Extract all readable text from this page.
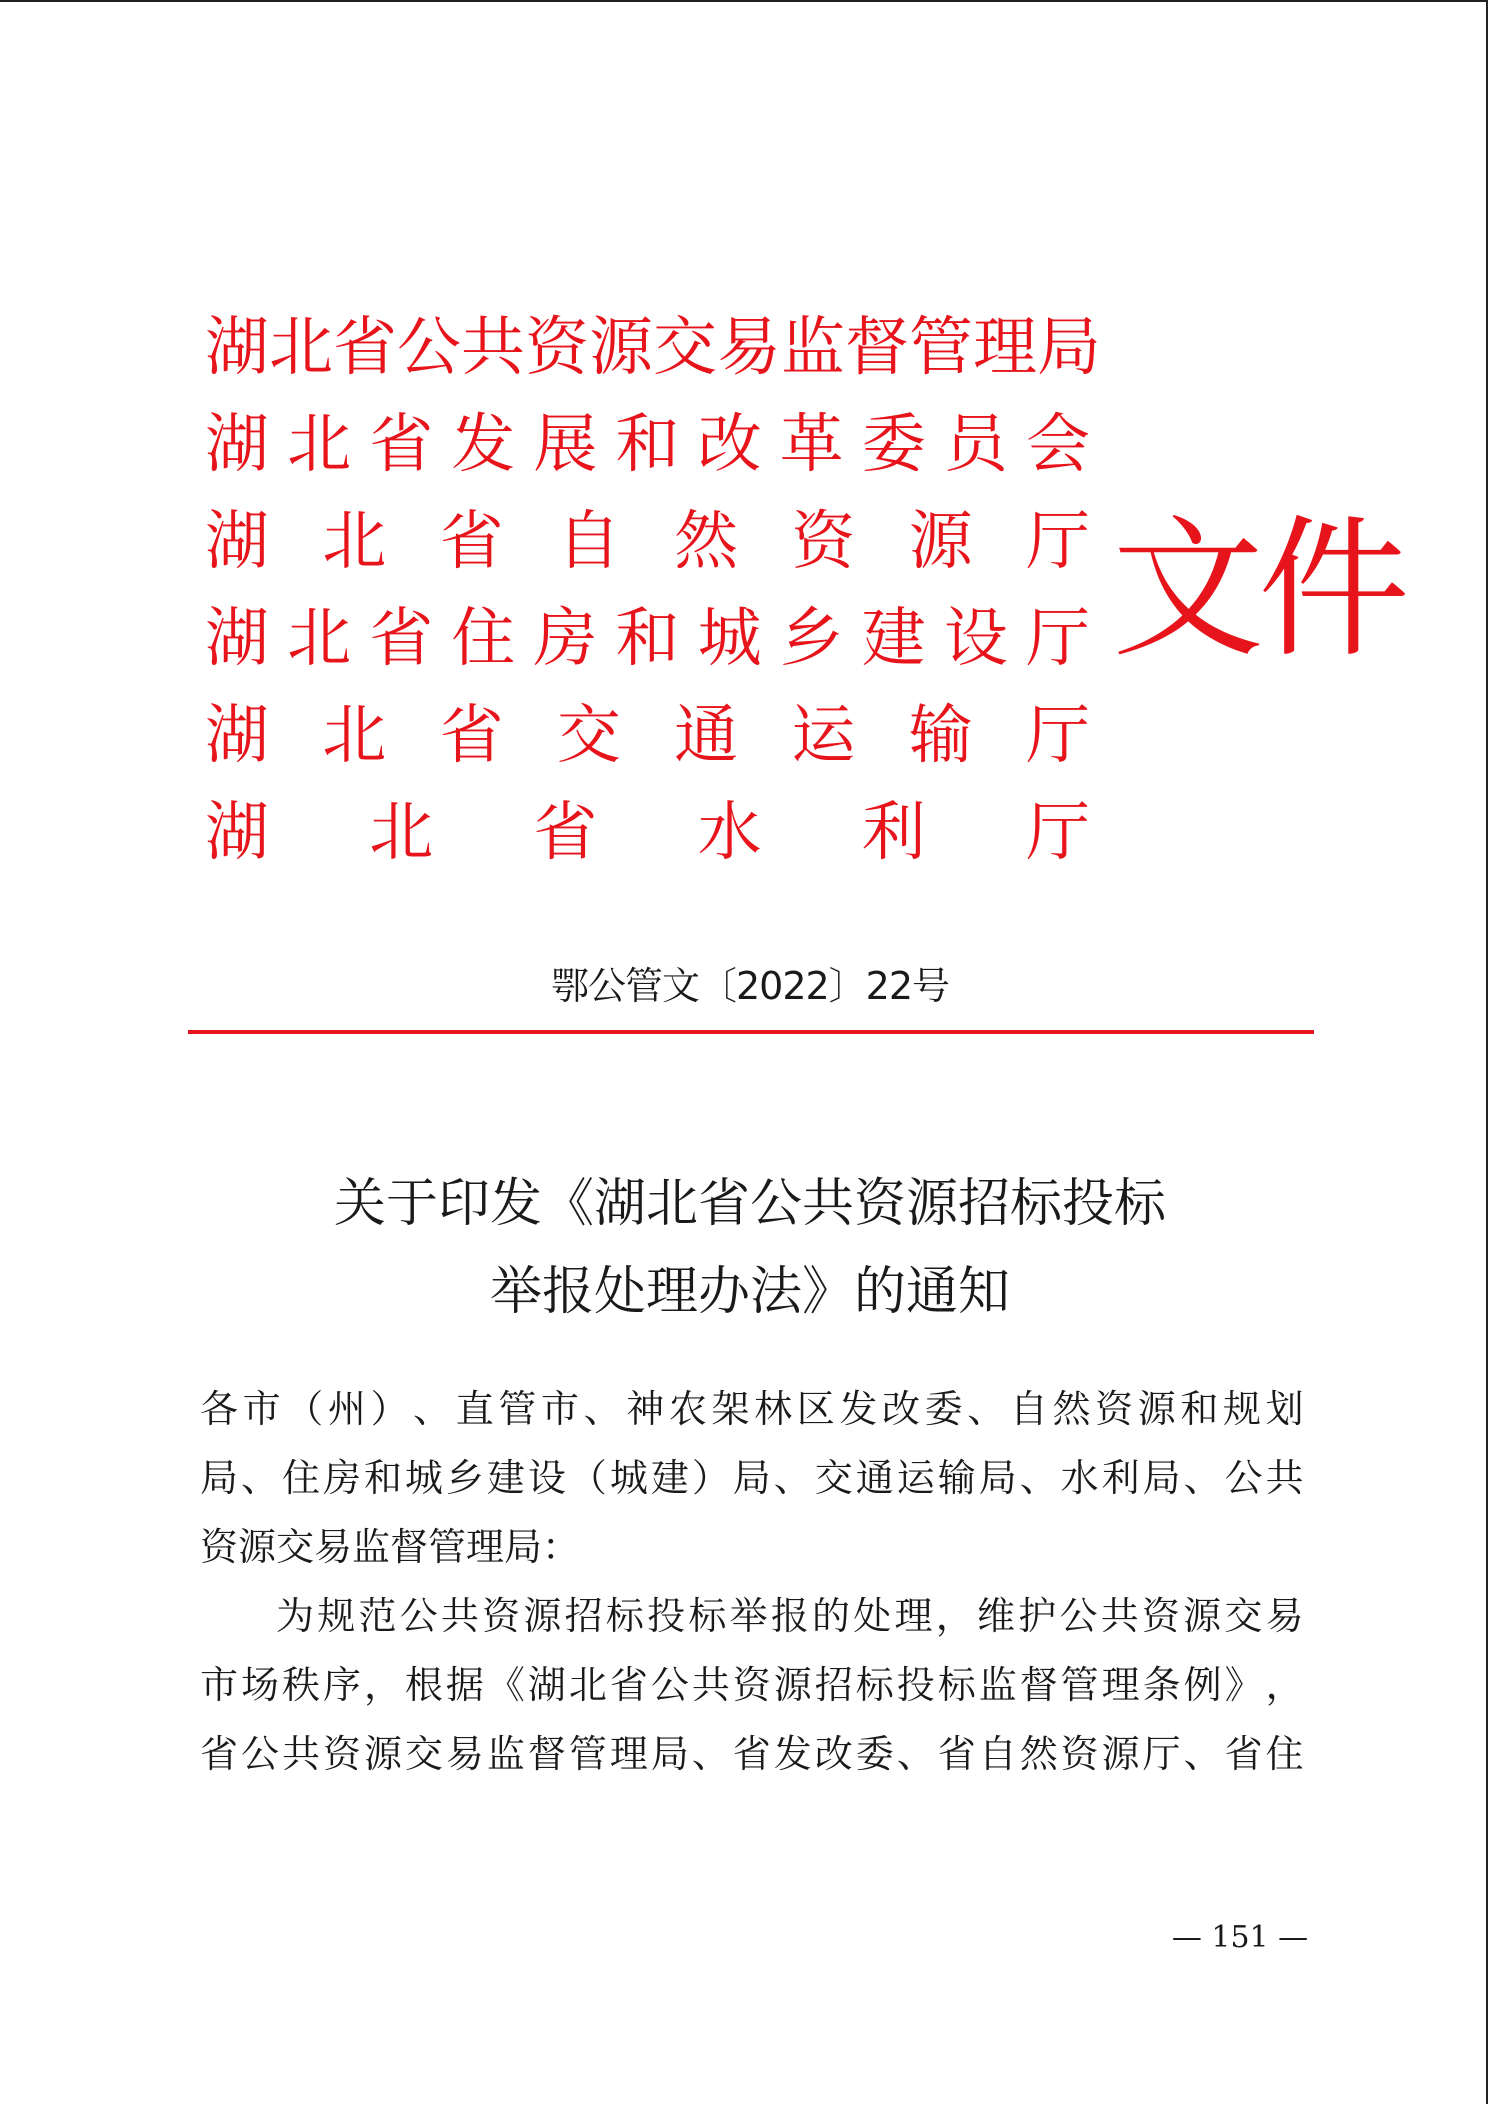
湖 北 省 公 共 资 源 交 易 监 督 管 理 局
湖 北 省 发 展 和 改 革 委 员 会
湖 北 省 自 然 资 源 厅
湖 北 省 住 房 和 城 乡 建 设 厅
湖 北 省 交 通 运 输 厅
湖 北 省 水 利 厅
文件
鄂公管文〔2022〕22号
关于印发《湖北省公共资源招标投标
举报处理办法》的通知
各 市 （ 州 ） 、 直 管 市 、 神 农 架 林 区 发 改 委 、 自 然 资 源 和 规 划
局 、 住 房 和 城 乡 建 设 （ 城 建 ） 局 、 交 通 运 输 局 、 水 利 局 、 公 共
资源交易监督管理局：
为 规 范 公 共 资 源 招 标 投 标 举 报 的 处 理 ， 维 护 公 共 资 源 交 易
市 场 秩 序 ， 根 据 《 湖 北 省 公 共 资 源 招 标 投 标 监 督 管 理 条 例 》 ，
省 公 共 资 源 交 易 监 督 管 理 局 、 省 发 改 委 、 省 自 然 资 源 厅 、 省 住
— 151 —
